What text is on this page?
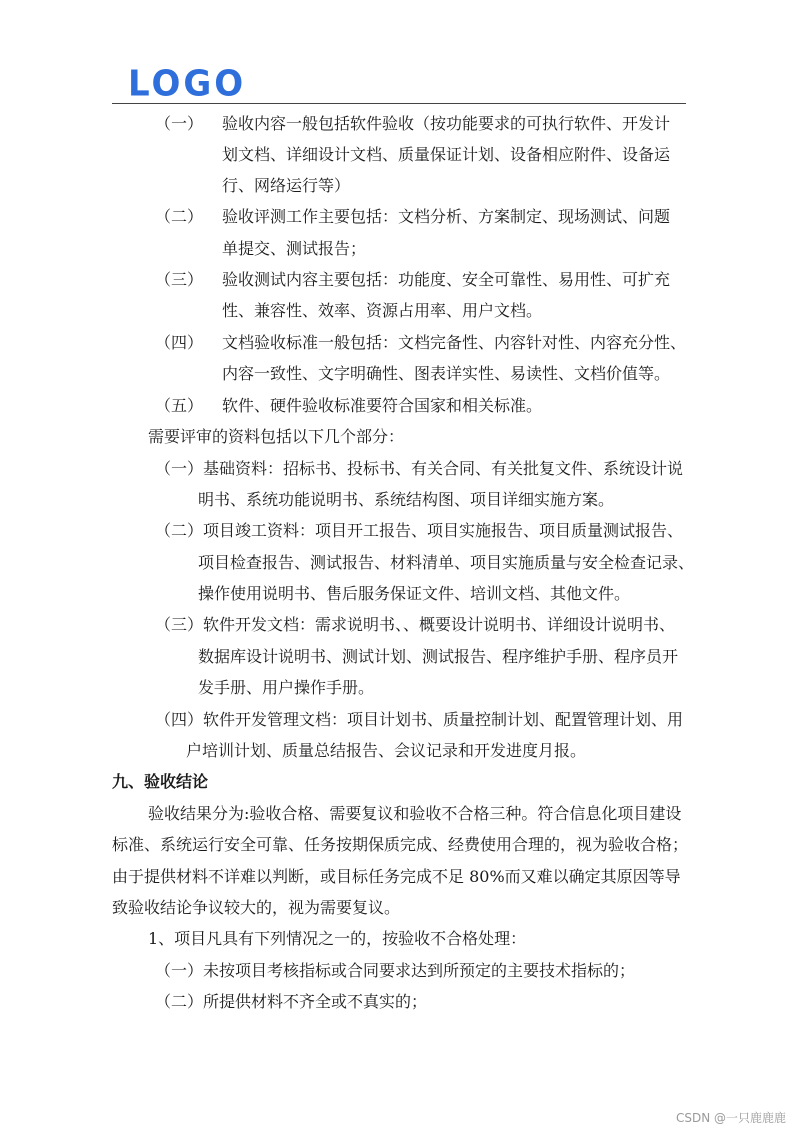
LOGO
（一） 验收内容一般包括软件验收（按功能要求的可执行软件、开发计
划文档、详细设计文档、质量保证计划、设备相应附件、设备运
行、网络运行等）
（二） 验收评测工作主要包括：文档分析、方案制定、现场测试、问题
单提交、测试报告；
（三） 验收测试内容主要包括：功能度、安全可靠性、易用性、可扩充
性、兼容性、效率、资源占用率、用户文档。
（四） 文档验收标准一般包括：文档完备性、内容针对性、内容充分性、
内容一致性、文字明确性、图表详实性、易读性、文档价值等。
（五） 软件、硬件验收标准要符合国家和相关标准。
需要评审的资料包括以下几个部分：
（一）基础资料：招标书、投标书、有关合同、有关批复文件、系统设计说
明书、系统功能说明书、系统结构图、项目详细实施方案。
（二）项目竣工资料：项目开工报告、项目实施报告、项目质量测试报告、
项目检查报告、测试报告、材料清单、项目实施质量与安全检查记录、
操作使用说明书、售后服务保证文件、培训文档、其他文件。
（三）软件开发文档：需求说明书、、概要设计说明书、详细设计说明书、
数据库设计说明书、测试计划、测试报告、程序维护手册、程序员开
发手册、用户操作手册。
（四）软件开发管理文档：项目计划书、质量控制计划、配置管理计划、用
户培训计划、质量总结报告、会议记录和开发进度月报。
九、验收结论
验收结果分为:验收合格、需要复议和验收不合格三种。符合信息化项目建设
标准、系统运行安全可靠、任务按期保质完成、经费使用合理的，视为验收合格；
由于提供材料不详难以判断，或目标任务完成不足 80%而又难以确定其原因等导
致验收结论争议较大的，视为需要复议。
1、项目凡具有下列情况之一的，按验收不合格处理：
（一）未按项目考核指标或合同要求达到所预定的主要技术指标的；
（二）所提供材料不齐全或不真实的；
CSDN @一只鹿鹿鹿
